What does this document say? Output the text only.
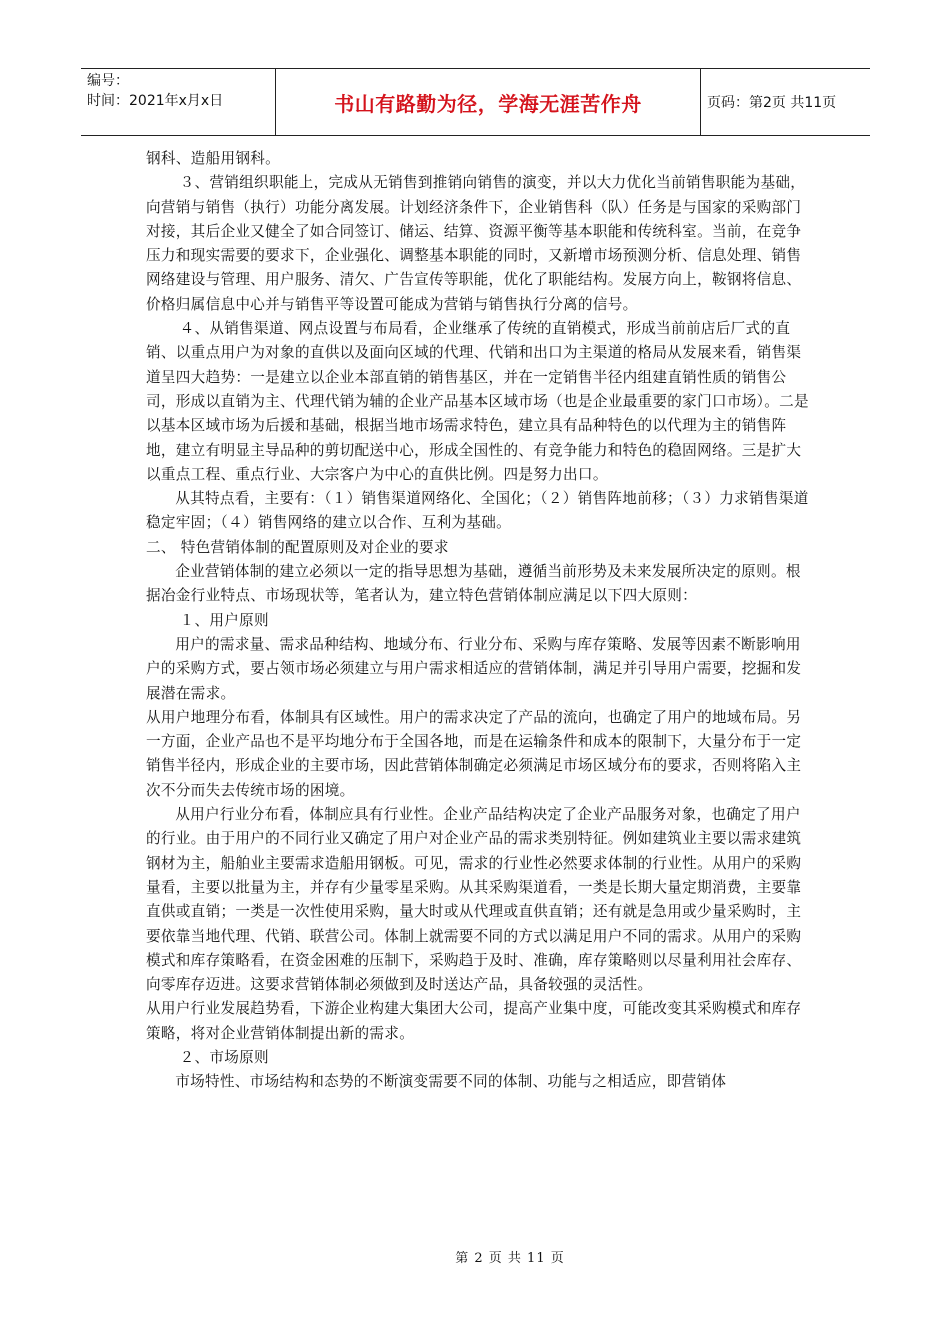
编号：
时间：2021年x月x日	书山有路勤为径，学海无涯苦作舟	页码：第2页 共11页

钢科、造船用钢科。

３、营销组织职能上，完成从无销售到推销向销售的演变，并以大力优化当前销售职能为基础，向营销与销售（执行）功能分离发展。计划经济条件下，企业销售科（队）任务是与国家的采购部门对接，其后企业又健全了如合同签订、储运、结算、资源平衡等基本职能和传统科室。当前，在竞争压力和现实需要的要求下，企业强化、调整基本职能的同时，又新增市场预测分析、信息处理、销售网络建设与管理、用户服务、清欠、广告宣传等职能，优化了职能结构。发展方向上，鞍钢将信息、价格归属信息中心并与销售平等设置可能成为营销与销售执行分离的信号。

４、从销售渠道、网点设置与布局看，企业继承了传统的直销模式，形成当前前店后厂式的直销、以重点用户为对象的直供以及面向区域的代理、代销和出口为主渠道的格局从发展来看，销售渠道呈四大趋势：一是建立以企业本部直销的销售基区，并在一定销售半径内组建直销性质的销售公司，形成以直销为主、代理代销为辅的企业产品基本区域市场（也是企业最重要的家门口市场）。二是以基本区域市场为后援和基础，根据当地市场需求特色，建立具有品种特色的以代理为主的销售阵地，建立有明显主导品种的剪切配送中心，形成全国性的、有竞争能力和特色的稳固网络。三是扩大以重点工程、重点行业、大宗客户为中心的直供比例。四是努力出口。

从其特点看，主要有：（１）销售渠道网络化、全国化；（２）销售阵地前移；（３）力求销售渠道稳定牢固；（４）销售网络的建立以合作、互利为基础。

二、 特色营销体制的配置原则及对企业的要求

企业营销体制的建立必须以一定的指导思想为基础，遵循当前形势及未来发展所决定的原则。根据冶金行业特点、市场现状等，笔者认为，建立特色营销体制应满足以下四大原则：

１、用户原则

用户的需求量、需求品种结构、地域分布、行业分布、采购与库存策略、发展等因素不断影响用户的采购方式，要占领市场必须建立与用户需求相适应的营销体制，满足并引导用户需要，挖掘和发展潜在需求。

从用户地理分布看，体制具有区域性。用户的需求决定了产品的流向，也确定了用户的地域布局。另一方面，企业产品也不是平均地分布于全国各地，而是在运输条件和成本的限制下，大量分布于一定销售半径内，形成企业的主要市场，因此营销体制确定必须满足市场区域分布的要求，否则将陷入主次不分而失去传统市场的困境。

从用户行业分布看，体制应具有行业性。企业产品结构决定了企业产品服务对象，也确定了用户的行业。由于用户的不同行业又确定了用户对企业产品的需求类别特征。例如建筑业主要以需求建筑钢材为主，船舶业主要需求造船用钢板。可见，需求的行业性必然要求体制的行业性。从用户的采购量看，主要以批量为主，并存有少量零星采购。从其采购渠道看，一类是长期大量定期消费，主要靠直供或直销；一类是一次性使用采购，量大时或从代理或直供直销；还有就是急用或少量采购时，主要依靠当地代理、代销、联营公司。体制上就需要不同的方式以满足用户不同的需求。从用户的采购模式和库存策略看，在资金困难的压制下，采购趋于及时、准确，库存策略则以尽量利用社会库存、向零库存迈进。这要求营销体制必须做到及时送达产品，具备较强的灵活性。

从用户行业发展趋势看，下游企业构建大集团大公司，提高产业集中度，可能改变其采购模式和库存策略，将对企业营销体制提出新的需求。

２、市场原则

市场特性、市场结构和态势的不断演变需要不同的体制、功能与之相适应，即营销体

第 2 页 共 11 页
